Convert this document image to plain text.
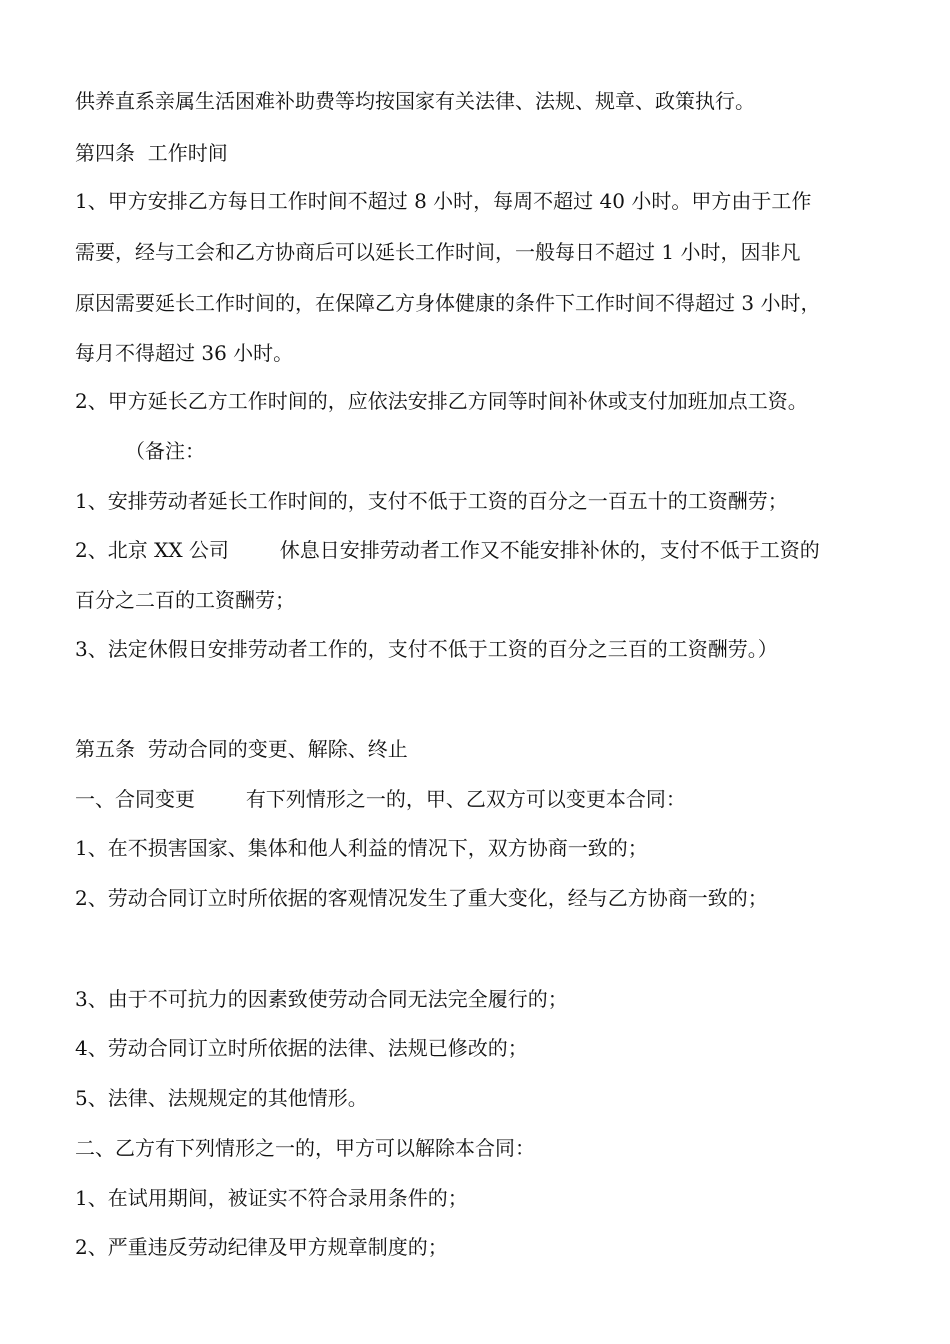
供养直系亲属生活困难补助费等均按国家有关法律、法规、规章、政策执行。
第四条  工作时间
1、甲方安排乙方每日工作时间不超过 8 小时，每周不超过 40 小时。甲方由于工作
需要，经与工会和乙方协商后可以延长工作时间，一般每日不超过 1 小时，因非凡
原因需要延长工作时间的，在保障乙方身体健康的条件下工作时间不得超过 3 小时，
每月不得超过 36 小时。
2、甲方延长乙方工作时间的，应依法安排乙方同等时间补休或支付加班加点工资。
（备注：
1、安排劳动者延长工作时间的，支付不低于工资的百分之一百五十的工资酬劳；
2、北京 XX 公司        休息日安排劳动者工作又不能安排补休的，支付不低于工资的
百分之二百的工资酬劳；
3、法定休假日安排劳动者工作的，支付不低于工资的百分之三百的工资酬劳。）
第五条  劳动合同的变更、解除、终止
一、合同变更        有下列情形之一的，甲、乙双方可以变更本合同：
1、在不损害国家、集体和他人利益的情况下，双方协商一致的；
2、劳动合同订立时所依据的客观情况发生了重大变化，经与乙方协商一致的；
3、由于不可抗力的因素致使劳动合同无法完全履行的；
4、劳动合同订立时所依据的法律、法规已修改的；
5、法律、法规规定的其他情形。
二、乙方有下列情形之一的，甲方可以解除本合同：
1、在试用期间，被证实不符合录用条件的；
2、严重违反劳动纪律及甲方规章制度的；
